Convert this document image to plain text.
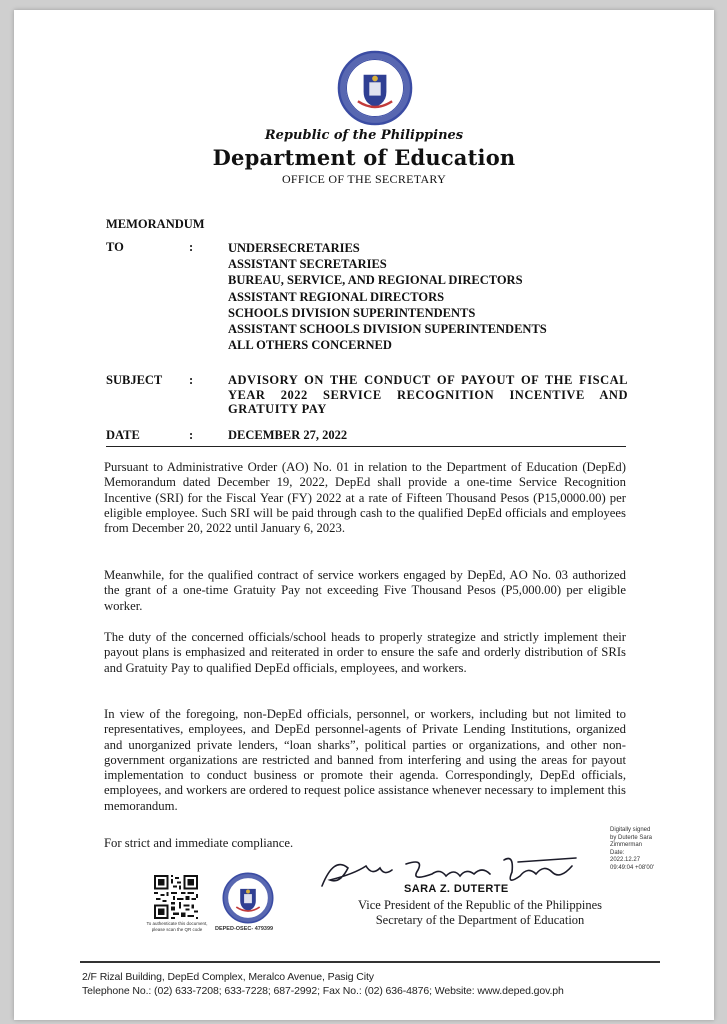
Republic of the Philippines
Department of Education
OFFICE OF THE SECRETARY
MEMORANDUM
TO	:	UNDERSECRETARIES
ASSISTANT SECRETARIES
BUREAU, SERVICE, AND REGIONAL DIRECTORS
ASSISTANT REGIONAL DIRECTORS
SCHOOLS DIVISION SUPERINTENDENTS
ASSISTANT SCHOOLS DIVISION SUPERINTENDENTS
ALL OTHERS CONCERNED
SUBJECT :	ADVISORY ON THE CONDUCT OF PAYOUT OF THE FISCAL YEAR 2022 SERVICE RECOGNITION INCENTIVE AND GRATUITY PAY
DATE	:	DECEMBER 27, 2022
Pursuant to Administrative Order (AO) No. 01 in relation to the Department of Education (DepEd) Memorandum dated December 19, 2022, DepEd shall provide a one-time Service Recognition Incentive (SRI) for the Fiscal Year (FY) 2022 at a rate of Fifteen Thousand Pesos (P15,0000.00) per eligible employee. Such SRI will be paid through cash to the qualified DepEd officials and employees from December 20, 2022 until January 6, 2023.
Meanwhile, for the qualified contract of service workers engaged by DepEd, AO No. 03 authorized the grant of a one-time Gratuity Pay not exceeding Five Thousand Pesos (P5,000.00) per eligible worker.
The duty of the concerned officials/school heads to properly strategize and strictly implement their payout plans is emphasized and reiterated in order to ensure the safe and orderly distribution of SRIs and Gratuity Pay to qualified DepEd officials, employees, and workers.
In view of the foregoing, non-DepEd officials, personnel, or workers, including but not limited to representatives, employees, and DepEd personnel-agents of Private Lending Institutions, organized and unorganized private lenders, “loan sharks”, political parties or organizations, and other non-government organizations are restricted and banned from interfering and using the areas for payout implementation to conduct business or promote their agenda. Correspondingly, DepEd officials, employees, and workers are ordered to request police assistance whenever necessary to implement this memorandum.
For strict and immediate compliance.
Digitally signed
by Duterte Sara
Zimmerman
Date:
2022.12.27
09:49:04 +08'00'
SARA Z. DUTERTE
Vice President of the Republic of the Philippines
Secretary of the Department of Education
To authenticate this document,
please scan the QR code	DEPED-OSEC- 479399
2/F Rizal Building, DepEd Complex, Meralco Avenue, Pasig City
Telephone No.: (02) 633-7208; 633-7228; 687-2992; Fax No.: (02) 636-4876; Website: www.deped.gov.ph
